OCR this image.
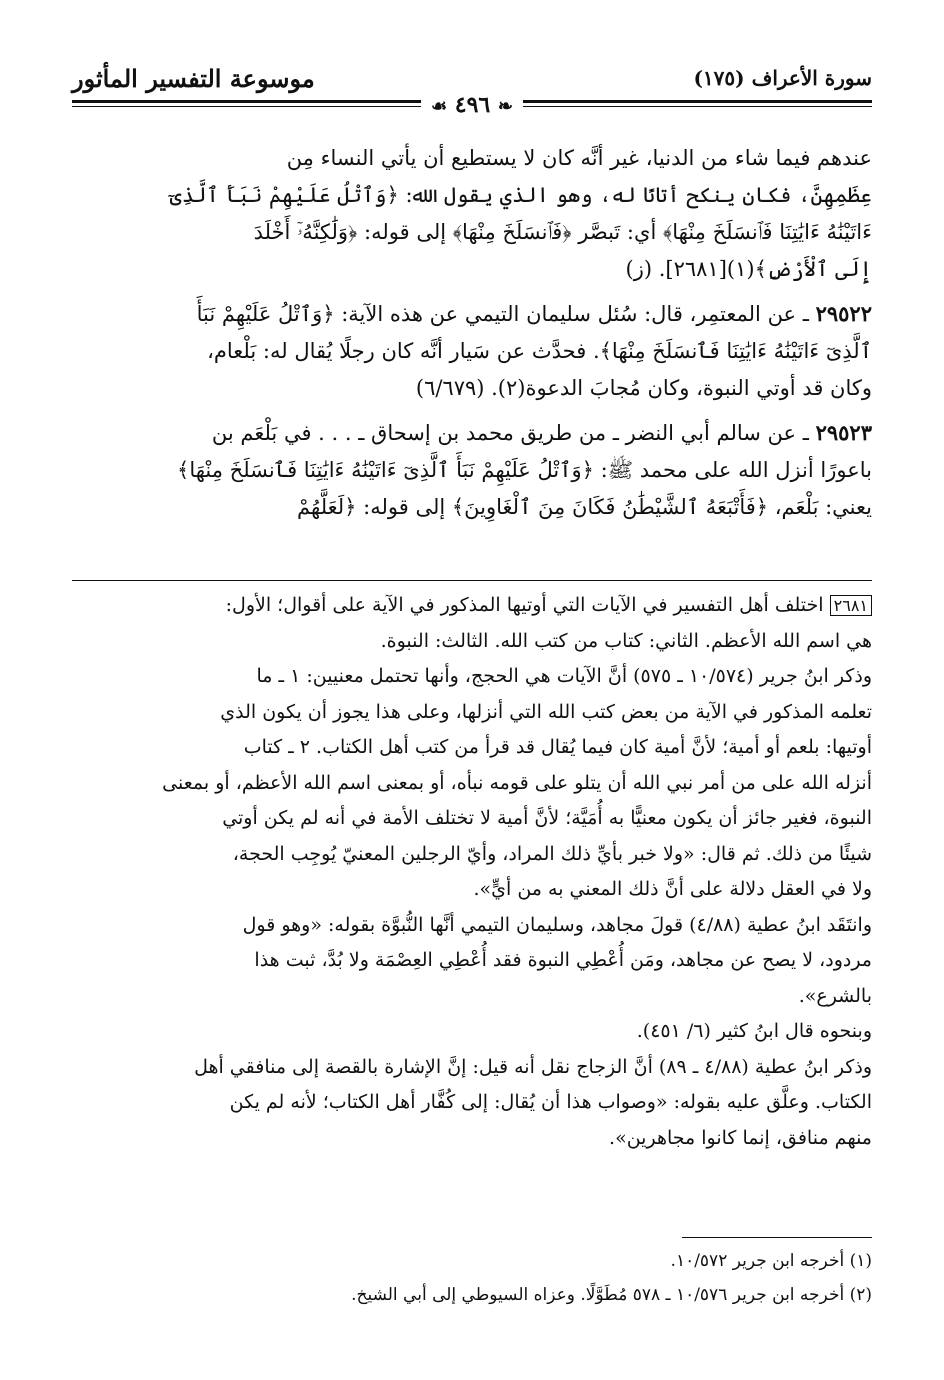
سورة الأعراف (١٧٥)
موسوعة التفسير المأثور
❧ ٤٩٦ ☙
عندهم فيما شاء من الدنيا، غير أنَّه كان لا يستطيع أن يأتي النساء مِن
عِظَمِهِنَّ، فكان ينكح أتانًا له، وهو الذي يقول الله: ﴿وَٱتْلُ عَلَيْهِمْ نَبَأَ ٱلَّذِىٓ
ءَاتَيْنَٰهُ ءَايَٰتِنَا فَٱنسَلَخَ مِنْهَا﴾ أي: تَبصَّر ﴿فَٱنسَلَخَ مِنْهَا﴾ إلى قوله: ﴿وَلَٰكِنَّهُۥٓ أَخْلَدَ
إِلَى ٱلْأَرْضِ﴾(١)[٢٦٨١]. (ز)
٢٩٥٢٢ ـ عن المعتمِر، قال: سُئل سليمان التيمي عن هذه الآية: ﴿وَٱتْلُ عَلَيْهِمْ نَبَأَ
ٱلَّذِىٓ ءَاتَيْنَٰهُ ءَايَٰتِنَا فَٱنسَلَخَ مِنْهَا﴾. فحدَّث عن سَيار أنَّه كان رجلًا يُقال له: بَلْعام،
وكان قد أوتي النبوة، وكان مُجابَ الدعوة(٢). (٦/٦٧٩)
٢٩٥٢٣ ـ عن سالم أبي النضر ـ من طريق محمد بن إسحاق ـ . . . في بَلْعَم بن
باعورًا أنزل الله على محمد ﷺ: ﴿وَٱتْلُ عَلَيْهِمْ نَبَأَ ٱلَّذِىٓ ءَاتَيْنَٰهُ ءَايَٰتِنَا فَٱنسَلَخَ مِنْهَا﴾
يعني: بَلْعَم، ﴿فَأَتْبَعَهُ ٱلشَّيْطَٰنُ فَكَانَ مِنَ ٱلْغَاوِينَ﴾ إلى قوله: ﴿لَعَلَّهُمْ

٢٦٨١ اختلف أهل التفسير في الآيات التي أوتيها المذكور في الآية على أقوال؛ الأول:

هي اسم الله الأعظم. الثاني: كتاب من كتب الله. الثالث: النبوة.

وذكر ابنُ جرير (١٠/٥٧٤ ـ ٥٧٥) أنَّ الآيات هي الحجج، وأنها تحتمل معنيين: ١ ـ ما

تعلمه المذكور في الآية من بعض كتب الله التي أنزلها، وعلى هذا يجوز أن يكون الذي

أوتيها: بلعم أو أمية؛ لأنَّ أمية كان فيما يُقال قد قرأ من كتب أهل الكتاب. ٢ ـ كتاب

أنزله الله على من أمر نبي الله أن يتلو على قومه نبأه، أو بمعنى اسم الله الأعظم، أو بمعنى

النبوة، فغير جائز أن يكون معنيًّا به أُمَيَّة؛ لأنَّ أمية لا تختلف الأمة في أنه لم يكن أوتي

شيئًا من ذلك. ثم قال: «ولا خبر بأيِّ ذلك المراد، وأيّ الرجلين المعنيّ يُوجِب الحجة،

ولا في العقل دلالة على أنَّ ذلك المعني به من أيٍّ».

وانتَقَد ابنُ عطية (٤/٨٨) قولَ مجاهد، وسليمان التيمي أنَّها النُّبوَّة بقوله: «وهو قول

مردود، لا يصح عن مجاهد، ومَن أُعْطِي النبوة فقد أُعْطِي العِصْمَة ولا بُدَّ، ثبت هذا

بالشرع».

وبنحوه قال ابنُ كثير (٦/ ٤٥١).

وذكر ابنُ عطية (٤/٨٨ ـ ٨٩) أنَّ الزجاج نقل أنه قيل: إنَّ الإشارة بالقصة إلى منافقي أهل

الكتاب. وعلَّق عليه بقوله: «وصواب هذا أن يُقال: إلى كُفَّار أهل الكتاب؛ لأنه لم يكن

منهم منافق، إنما كانوا مجاهرين».

(١) أخرجه ابن جرير ١٠/٥٧٢.

(٢) أخرجه ابن جرير ١٠/٥٧٦ ـ ٥٧٨ مُطَوَّلًا. وعزاه السيوطي إلى أبي الشيخ.
